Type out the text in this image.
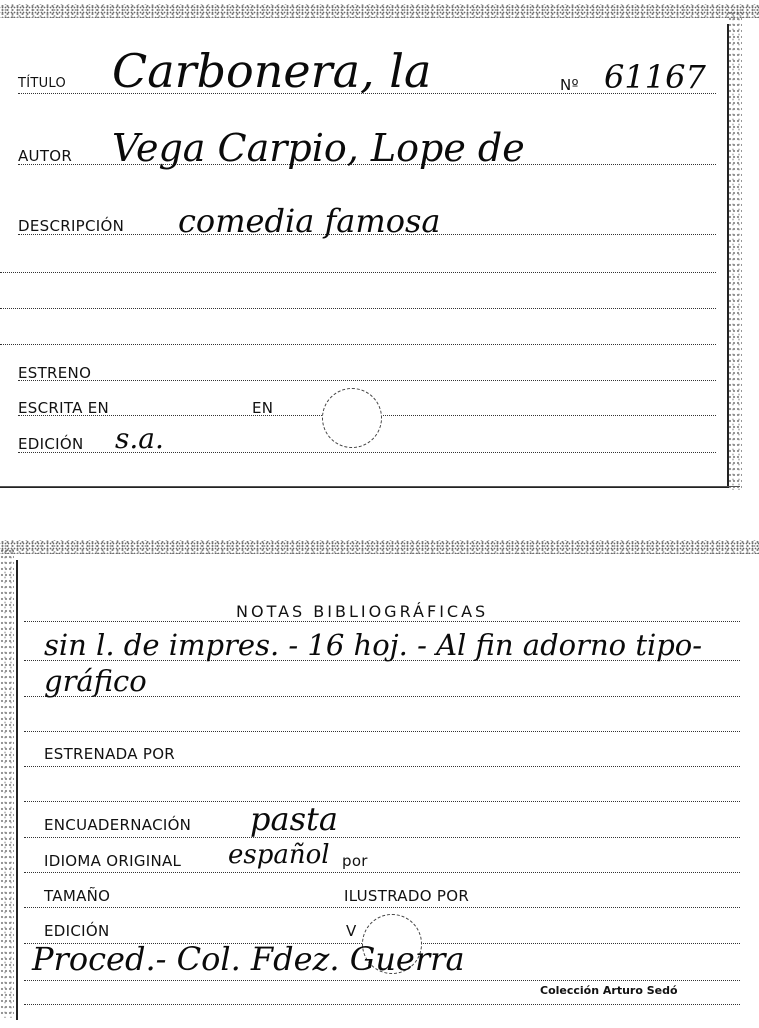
TÍTULO Carbonera, la	Nº 61167
AUTOR Vega Carpio, Lope de
DESCRIPCIÓN comedia famosa
ESTRENO
ESCRITA EN	EN
EDICIÓN s.a.
NOTAS BIBLIOGRÁFICAS
sin l. de impres. - 16 hoj. - Al fin adorno tipo-
gráfico
ESTRENADA POR
ENCUADERNACIÓN pasta
IDIOMA ORIGINAL español por
TAMAÑO	ILUSTRADO POR
EDICIÓN	V
Proced.- Col. Fdez. Guerra
Colección Arturo Sedó
